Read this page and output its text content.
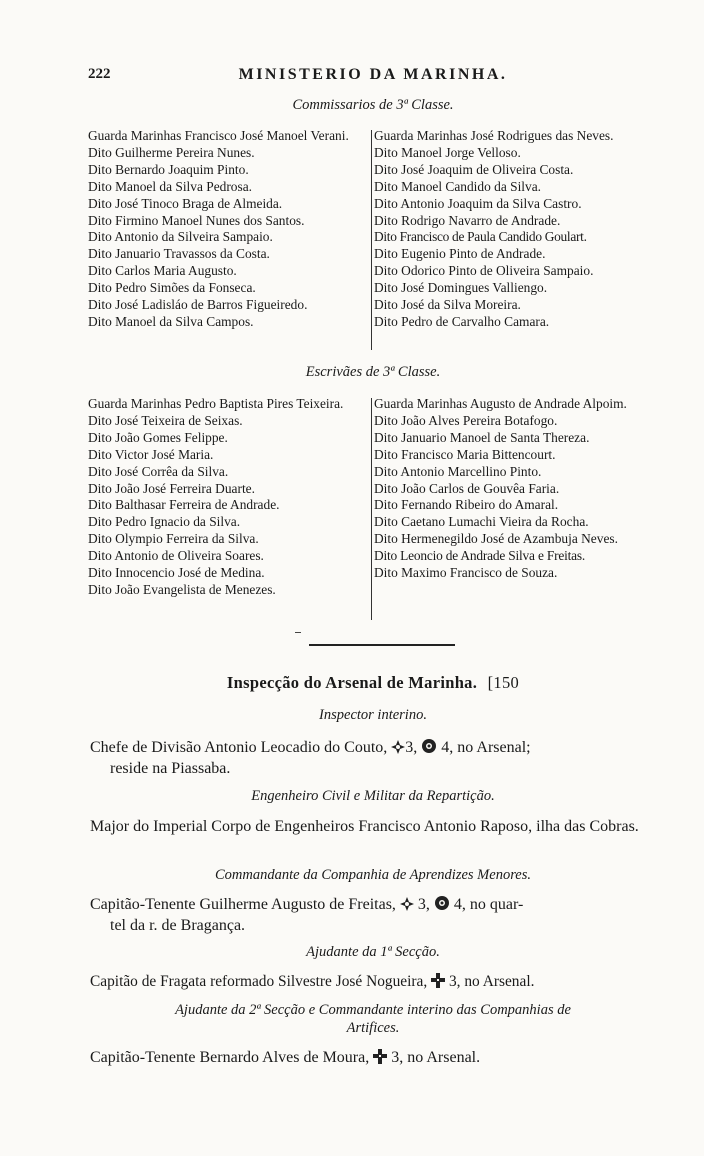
222	MINISTERIO DA MARINHA.
Commissarios de 3ª Classe.
Guarda Marinhas Francisco José Manoel Verani.
Dito Guilherme Pereira Nunes.
Dito Bernardo Joaquim Pinto.
Dito Manoel da Silva Pedrosa.
Dito José Tinoco Braga de Almeida.
Dito Firmino Manoel Nunes dos Santos.
Dito Antonio da Silveira Sampaio.
Dito Januario Travassos da Costa.
Dito Carlos Maria Augusto.
Dito Pedro Simões da Fonseca.
Dito José Ladisláo de Barros Figueiredo.
Dito Manoel da Silva Campos.
Guarda Marinhas José Rodrigues das Neves.
Dito Manoel Jorge Velloso.
Dito José Joaquim de Oliveira Costa.
Dito Manoel Candido da Silva.
Dito Antonio Joaquim da Silva Castro.
Dito Rodrigo Navarro de Andrade.
Dito Francisco de Paula Candido Goulart.
Dito Eugenio Pinto de Andrade.
Dito Odorico Pinto de Oliveira Sampaio.
Dito José Domingues Valliengo.
Dito José da Silva Moreira.
Dito Pedro de Carvalho Camara.
Escrivães de 3ª Classe.
Guarda Marinhas Pedro Baptista Pires Teixeira.
Dito José Teixeira de Seixas.
Dito João Gomes Felippe.
Dito Victor José Maria.
Dito José Corrêa da Silva.
Dito João José Ferreira Duarte.
Dito Balthasar Ferreira de Andrade.
Dito Pedro Ignacio da Silva.
Dito Olympio Ferreira da Silva.
Dito Antonio de Oliveira Soares.
Dito Innocencio José de Medina.
Dito João Evangelista de Menezes.
Guarda Marinhas Augusto de Andrade Alpoim.
Dito João Alves Pereira Botafogo.
Dito Januario Manoel de Santa Thereza.
Dito Francisco Maria Bittencourt.
Dito Antonio Marcellino Pinto.
Dito João Carlos de Gouvêa Faria.
Dito Fernando Ribeiro do Amaral.
Dito Caetano Lumachi Vieira da Rocha.
Dito Hermenegildo José de Azambuja Neves.
Dito Leoncio de Andrade Silva e Freitas.
Dito Maximo Francisco de Souza.
Inspecção do Arsenal de Marinha. [150
Inspector interino.
Chefe de Divisão Antonio Leocadio do Couto, 3, 4, no Arsenal;
reside na Piassaba.
Engenheiro Civil e Militar da Repartição.
Major do Imperial Corpo de Engenheiros Francisco Antonio Raposo, ilha das Cobras.
Commandante da Companhia de Aprendizes Menores.
Capitão-Tenente Guilherme Augusto de Freitas, 3, 4, no quar-
tel da r. de Bragança.
Ajudante da 1ª Secção.
Capitão de Fragata reformado Silvestre José Nogueira, 3, no Arsenal.
Ajudante da 2ª Secção e Commandante interino das Companhias de
Artifices.
Capitão-Tenente Bernardo Alves de Moura, 3, no Arsenal.
